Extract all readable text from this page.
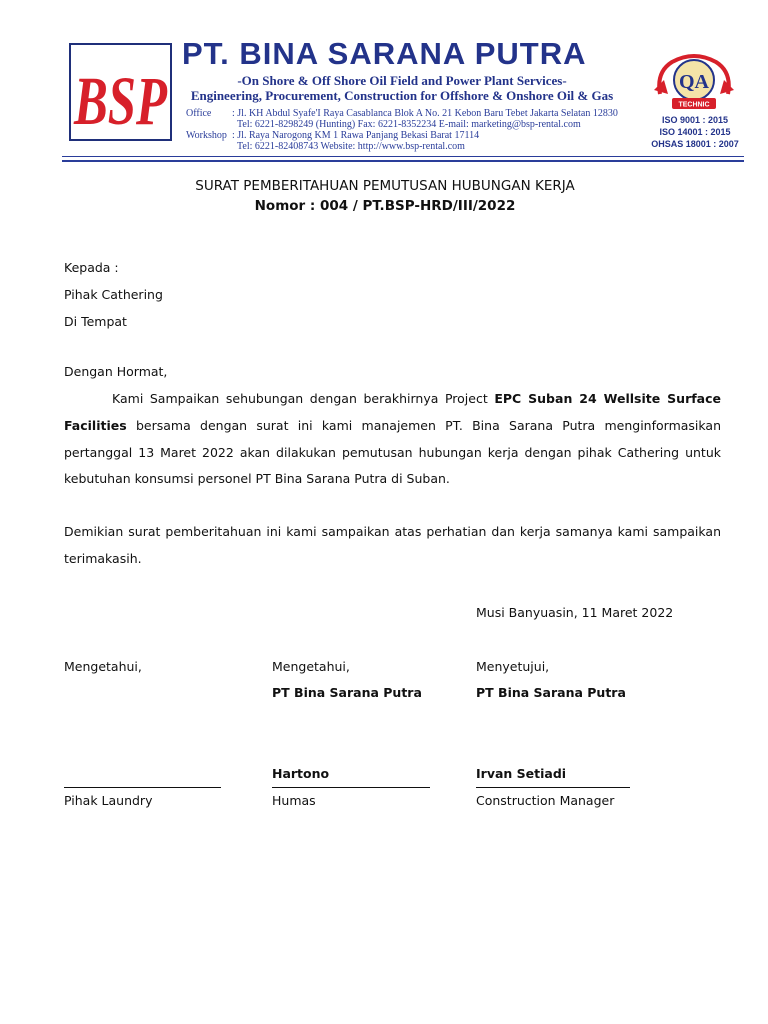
BSP
PT. BINA SARANA PUTRA
-On Shore & Off Shore Oil Field and Power Plant Services-
Engineering, Procurement, Construction for Offshore & Onshore Oil & Gas
Office : Jl. KH Abdul Syafe'I Raya Casablanca Blok A No. 21 Kebon Baru Tebet Jakarta Selatan 12830
Tel: 6221-8298249 (Hunting) Fax: 6221-8352234 E-mail: marketing@bsp-rental.com
Workshop : Jl. Raya Narogong KM 1 Rawa Panjang Bekasi Barat 17114
Tel: 6221-82408743 Website: http://www.bsp-rental.com
QA
TECHNIC
ISO 9001 : 2015
ISO 14001 : 2015
OHSAS 18001 : 2007
SURAT PEMBERITAHUAN PEMUTUSAN HUBUNGAN KERJA
Nomor : 004 / PT.BSP-HRD/III/2022
Kepada :
Pihak Cathering
Di Tempat
Dengan Hormat,
Kami Sampaikan sehubungan dengan berakhirnya Project EPC Suban 24 Wellsite Surface Facilities bersama dengan surat ini kami manajemen PT. Bina Sarana Putra menginformasikan pertanggal 13 Maret 2022 akan dilakukan pemutusan hubungan kerja dengan pihak Cathering untuk kebutuhan konsumsi personel PT Bina Sarana Putra di Suban.
Demikian surat pemberitahuan ini kami sampaikan atas perhatian dan kerja samanya kami sampaikan terimakasih.
Musi Banyuasin, 11 Maret 2022
Mengetahui,
Pihak Laundry
Mengetahui,
PT Bina Sarana Putra
Hartono
Humas
Menyetujui,
PT Bina Sarana Putra
Irvan Setiadi
Construction Manager
